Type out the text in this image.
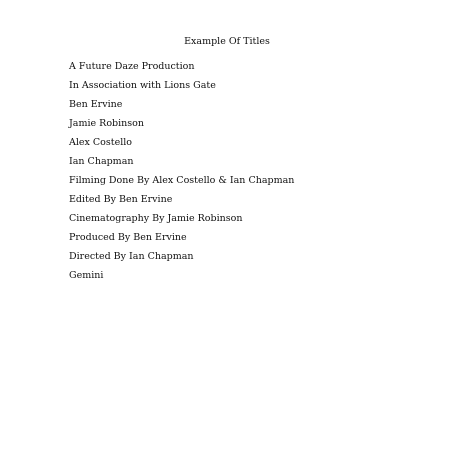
Example Of Titles
A Future Daze Production
In Association with Lions Gate
Ben Ervine
Jamie Robinson
Alex Costello
Ian Chapman
Filming Done By Alex Costello & Ian Chapman
Edited By Ben Ervine
Cinematography By Jamie Robinson
Produced By Ben Ervine
Directed By Ian Chapman
Gemini
